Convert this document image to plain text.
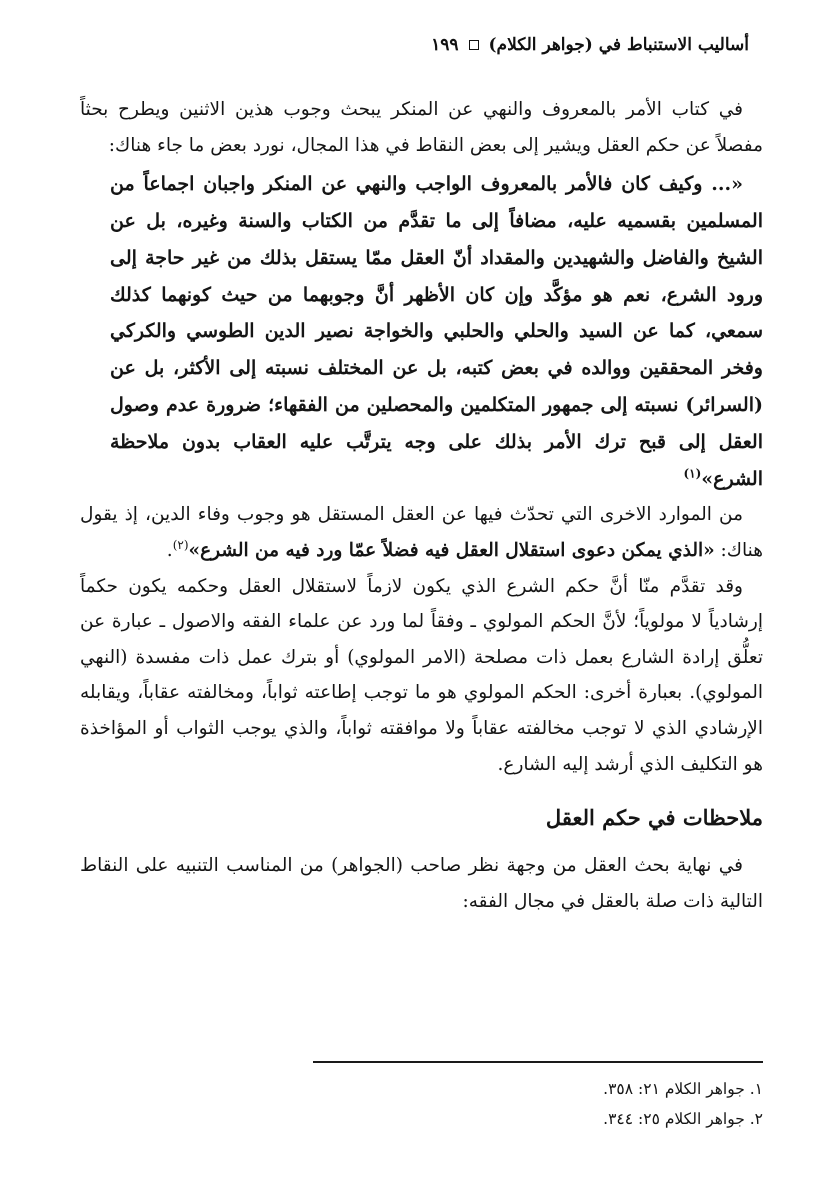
أساليب الاستنباط في (جواهر الكلام)
١٩٩

في كتاب الأمر بالمعروف والنهي عن المنكر يبحث وجوب هذين الاثنين ويطرح بحثاً مفصلاً عن حكم العقل ويشير إلى بعض النقاط في هذا المجال، نورد بعض ما جاء هناك:

«... وكيف كان فالأمر بالمعروف الواجب والنهي عن المنكر واجبان اجماعاً من المسلمين بقسميه عليه، مضافاً إلى ما تقدَّم من الكتاب والسنة وغيره، بل عن الشيخ والفاضل والشهيدين والمقداد أنّ العقل ممّا يستقل بذلك من غير حاجة إلى ورود الشرع، نعم هو مؤكَّد وإن كان الأظهر أنَّ وجوبهما من حيث كونهما كذلك سمعي، كما عن السيد والحلي والحلبي والخواجة نصير الدين الطوسي والكركي وفخر المحققين ووالده في بعض كتبه، بل عن المختلف نسبته إلى الأكثر، بل عن (السرائر) نسبته إلى جمهور المتكلمين والمحصلين من الفقهاء؛ ضرورة عدم وصول العقل إلى قبح ترك الأمر بذلك على وجه يترتَّب عليه العقاب بدون ملاحظة الشرع»$^{(١)}$

من الموارد الاخرى التي تحدّث فيها عن العقل المستقل هو وجوب وفاء الدين، إذ يقول هناك: «الذي يمكن دعوى استقلال العقل فيه فضلاً عمّا ورد فيه من الشرع»$^{(٢)}$.

وقد تقدَّم منّا أنَّ حكم الشرع الذي يكون لازماً لاستقلال العقل وحكمه يكون حكماً إرشادياً لا مولوياً؛ لأنَّ الحكم المولوي ـ وفقاً لما ورد عن علماء الفقه والاصول ـ عبارة عن تعلُّق إرادة الشارع بعمل ذات مصلحة (الامر المولوي) أو بترك عمل ذات مفسدة (النهي المولوي). بعبارة أخرى: الحكم المولوي هو ما توجب إطاعته ثواباً، ومخالفته عقاباً، ويقابله الإرشادي الذي لا توجب مخالفته عقاباً ولا موافقته ثواباً، والذي يوجب الثواب أو المؤاخذة هو التكليف الذي أرشد إليه الشارع.

ملاحظات في حكم العقل

في نهاية بحث العقل من وجهة نظر صاحب (الجواهر) من المناسب التنبيه على النقاط التالية ذات صلة بالعقل في مجال الفقه:

١. جواهر الكلام ٢١: ٣٥٨.
٢. جواهر الكلام ٢٥: ٣٤٤.
